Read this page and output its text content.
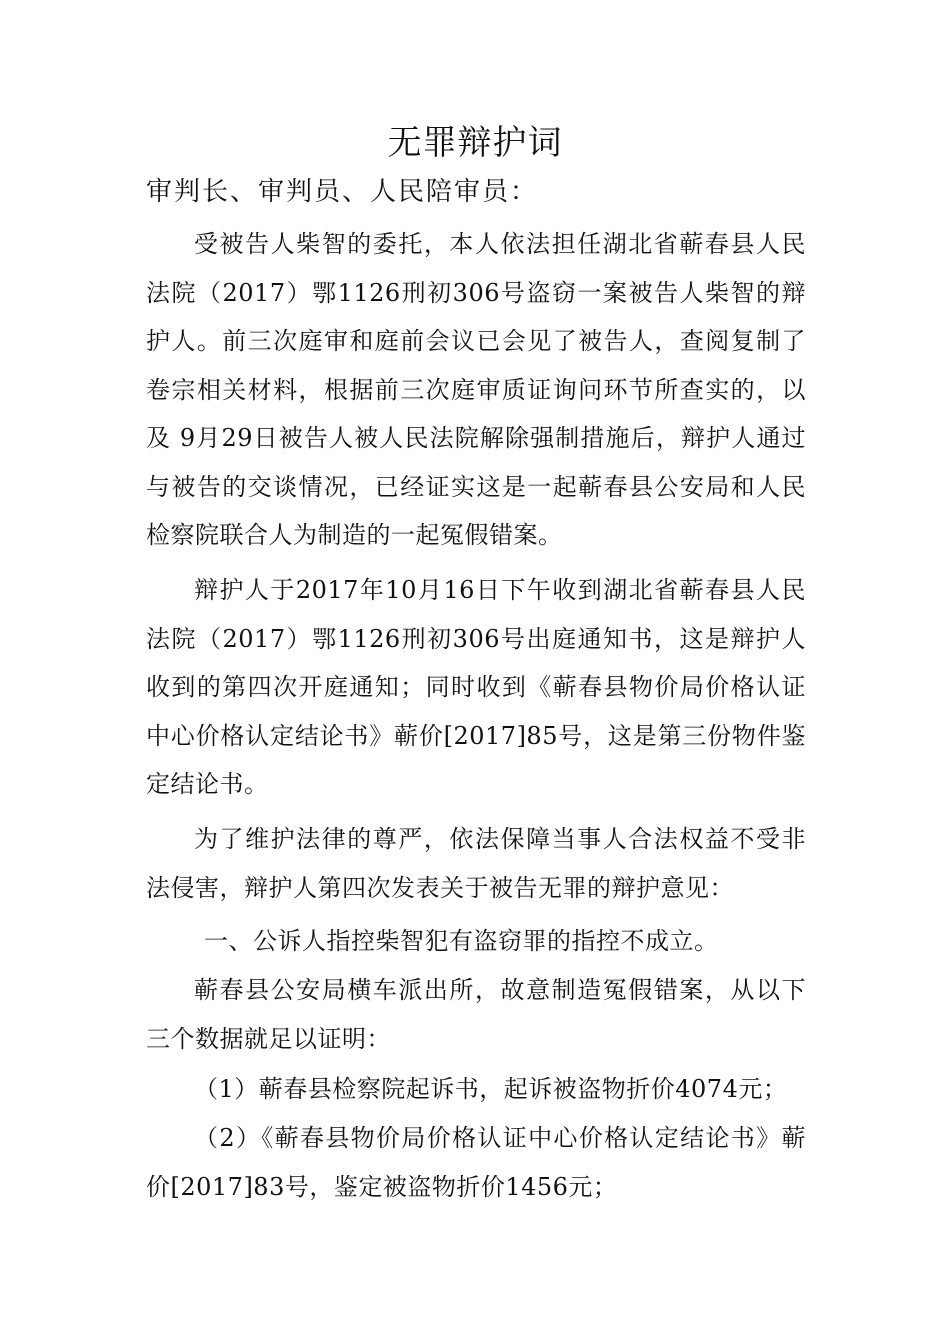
无罪辩护词

审判长、审判员、人民陪审员：

受被告人柴智的委托，本人依法担任湖北省蕲春县人民法院（2017）鄂1126刑初306号盗窃一案被告人柴智的辩护人。前三次庭审和庭前会议已会见了被告人，查阅复制了卷宗相关材料，根据前三次庭审质证询问环节所查实的，以及 9月29日被告人被人民法院解除强制措施后，辩护人通过与被告的交谈情况，已经证实这是一起蕲春县公安局和人民检察院联合人为制造的一起冤假错案。

辩护人于2017年10月16日下午收到湖北省蕲春县人民法院（2017）鄂1126刑初306号出庭通知书，这是辩护人收到的第四次开庭通知；同时收到《蕲春县物价局价格认证中心价格认定结论书》蕲价[2017]85号，这是第三份物件鉴定结论书。

为了维护法律的尊严，依法保障当事人合法权益不受非法侵害，辩护人第四次发表关于被告无罪的辩护意见：

一、公诉人指控柴智犯有盗窃罪的指控不成立。

蕲春县公安局横车派出所，故意制造冤假错案，从以下三个数据就足以证明：

（1）蕲春县检察院起诉书，起诉被盗物折价4074元；

（2）《蕲春县物价局价格认证中心价格认定结论书》蕲价[2017]83号，鉴定被盗物折价1456元；
